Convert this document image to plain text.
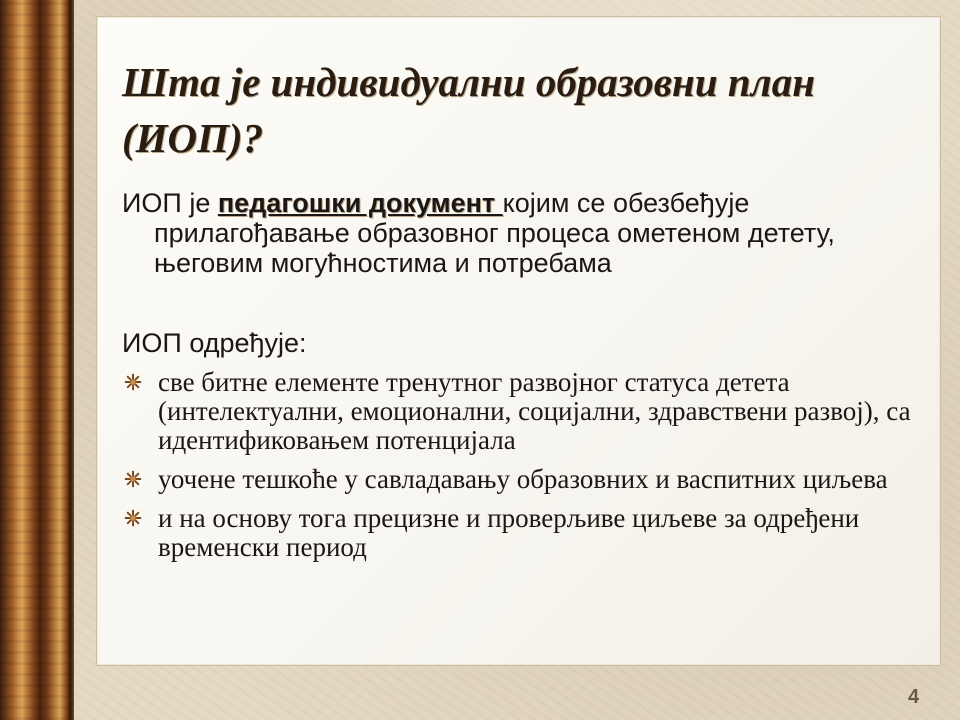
Шта је индивидуални образовни план (ИОП)?
ИОП је педагошки документ којим се обезбеђује
прилагођавање образовног процеса ометеном детету,
његовим могућностима и потребама
ИОП одређује:
све битне елементе тренутног развојног статуса детета (интелектуални, емоционални, социјални, здравствени развој), са идентификовањем потенцијала
уочене тешкоће у савладавању образовних и васпитних циљева
и на основу тога прецизне и проверљиве циљеве за одређени временски период
4
